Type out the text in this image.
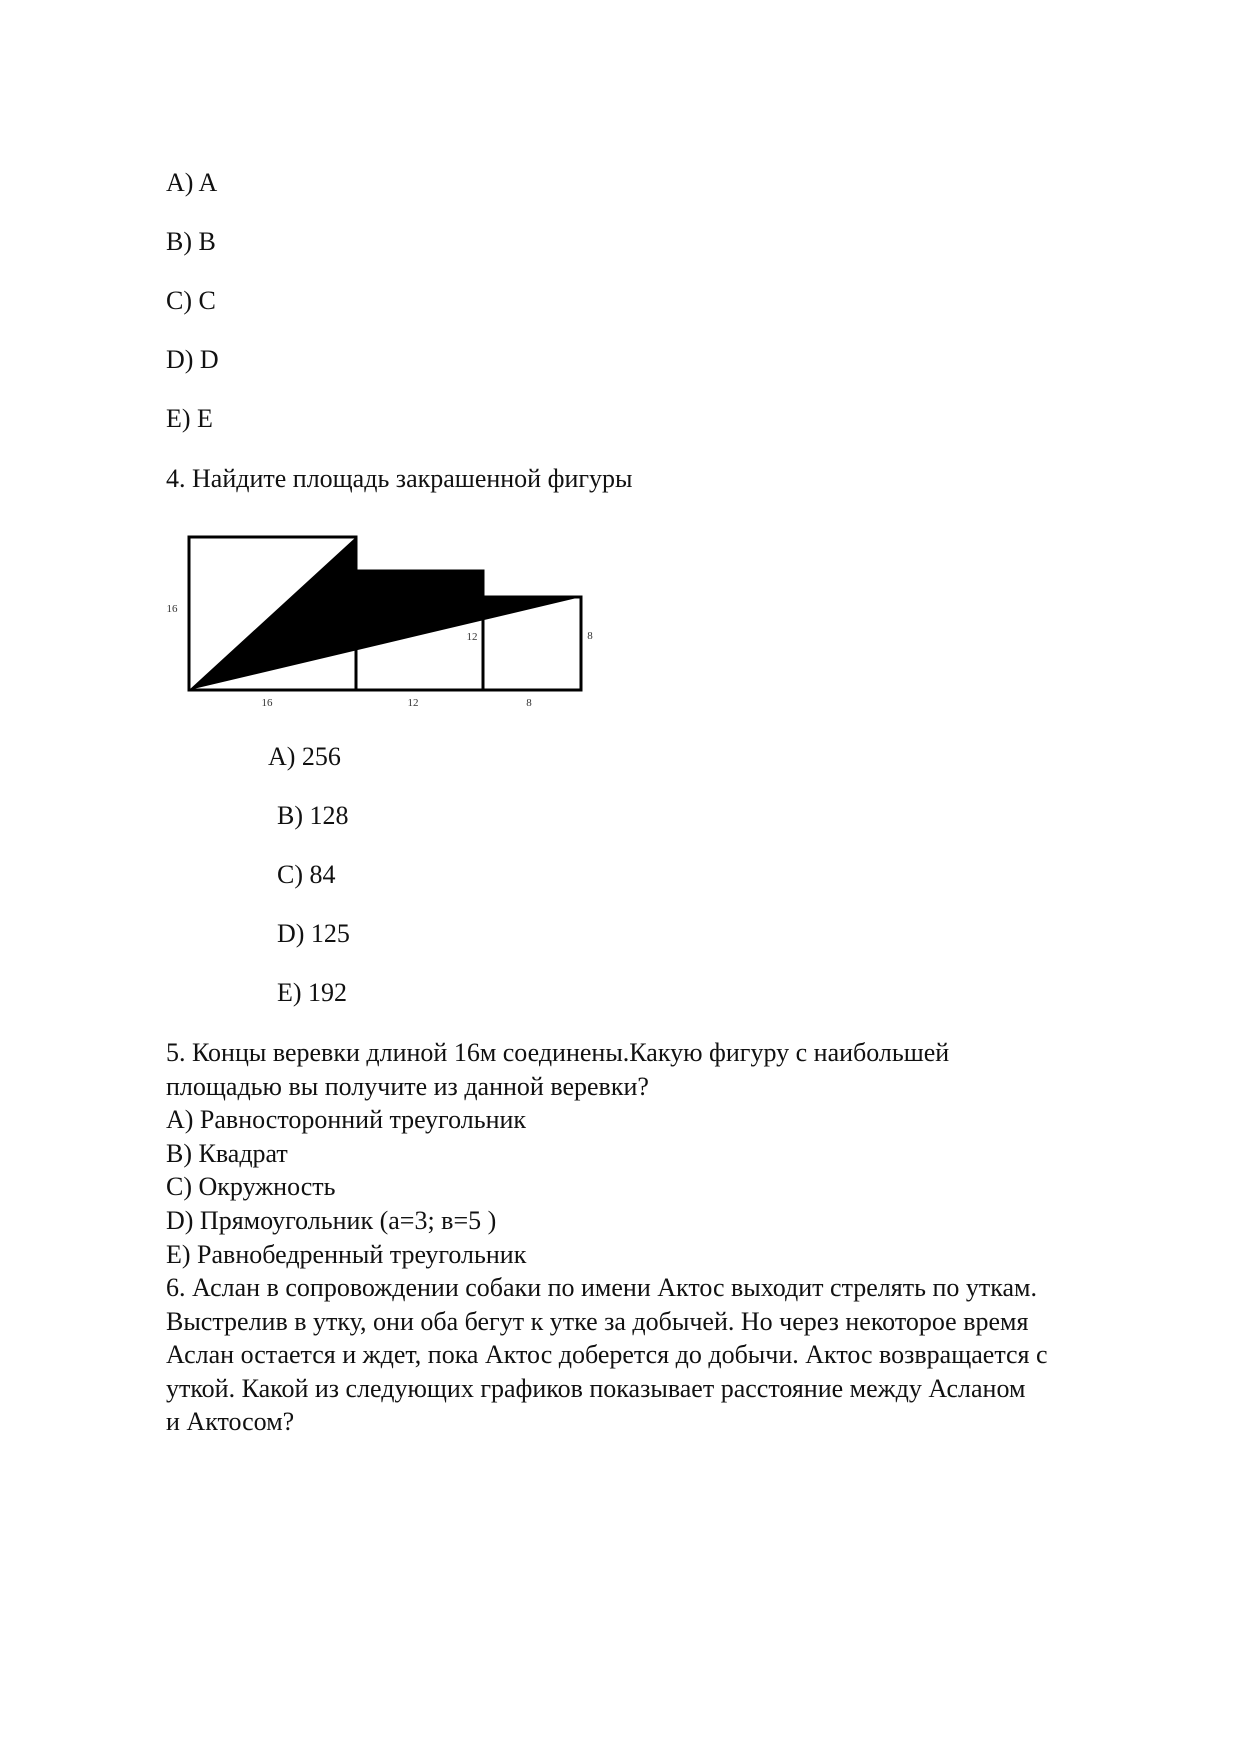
A) A
B) B
C) C
D) D
E) E
4. Найдите площадь закрашенной фигуры
16
12	8
16	12	8
A) 256
B) 128
C) 84
D) 125
E) 192
5. Концы веревки длиной 16м соединены.Какую фигуру с наибольшей
площадью вы получите из данной веревки?
A) Равносторонний треугольник
B) Квадрат
C) Окружность
D) Прямоугольник (а=3; в=5 )
E) Равнобедренный треугольник
6. Аслан в сопровождении собаки по имени Актос выходит стрелять по уткам.
Выстрелив в утку, они оба бегут к утке за добычей. Но через некоторое время
Аслан остается и ждет, пока Актос доберется до добычи. Актос возвращается с
уткой. Какой из следующих графиков показывает расстояние между Асланом
и Актосом?
